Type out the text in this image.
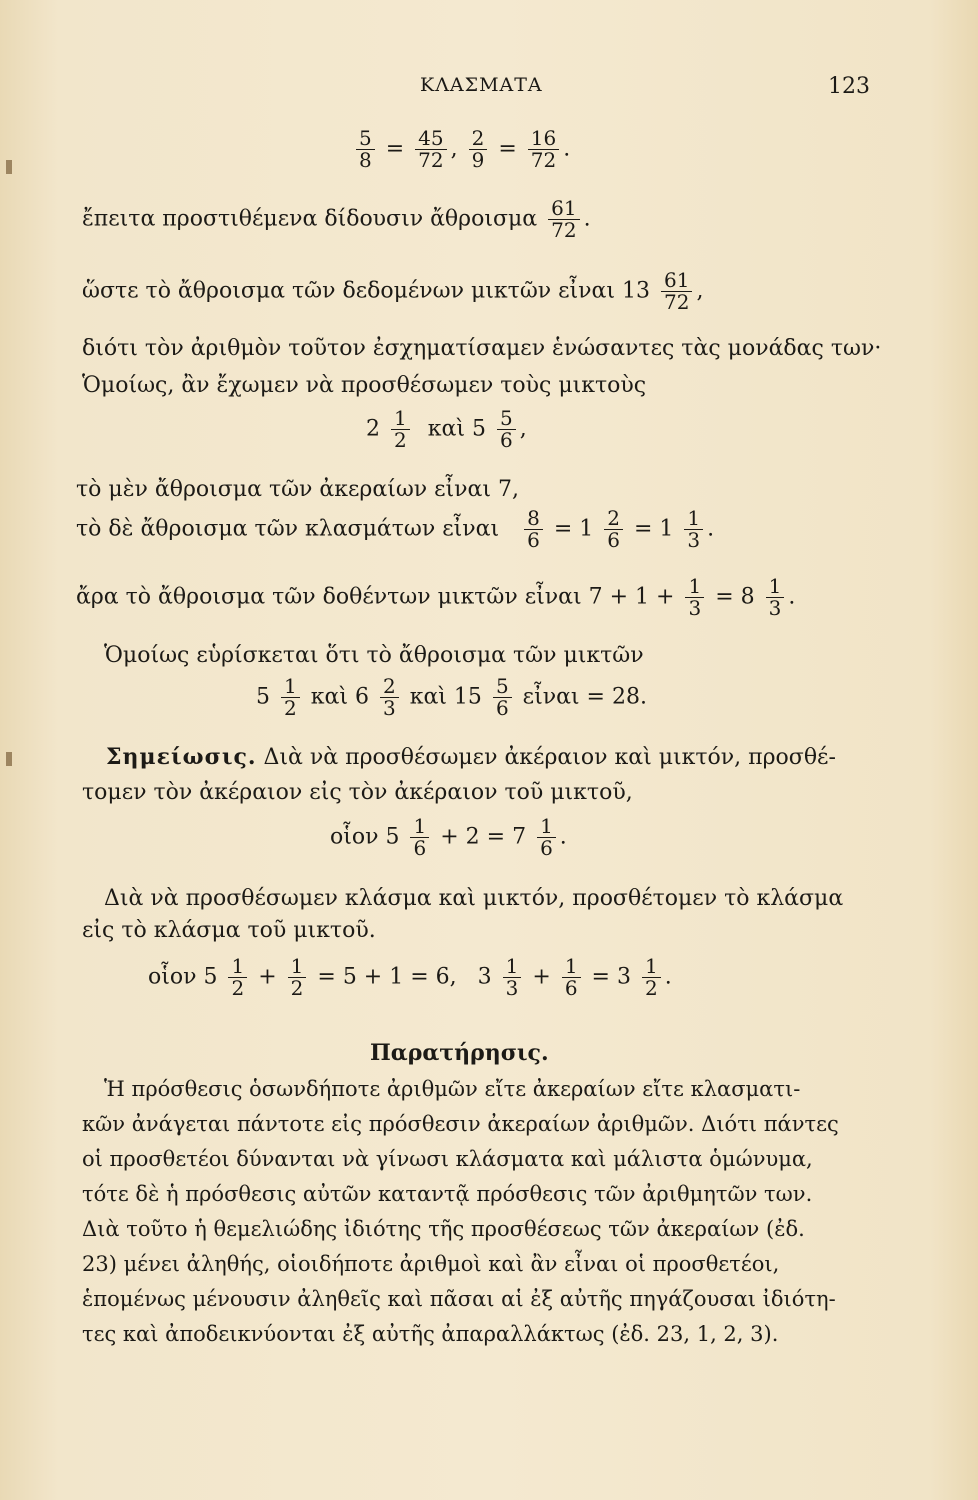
ΚΛΑΣΜΑΤΑ	123
$\frac{5}{8} = \frac{45}{72}$ , $\frac{2}{9} = \frac{16}{72}$ .
ἔπειτα προστιθέμενα δίδουσιν ἄθροισμα $\frac{61}{72}$ .
ὥστε τὸ ἄθροισμα τῶν δεδομένων μικτῶν εἶναι $13 \frac{61}{72}$ ,
διότι τὸν ἀριθμὸν τοῦτον ἐσχηματίσαμεν ἑνώσαντες τὰς μονάδας των·
Ὁμοίως, ἂν ἔχωμεν νὰ προσθέσωμεν τοὺς μικτοὺς
$2 \frac{1}{2}$ καὶ $5 \frac{5}{6}$ ,
τὸ μὲν ἄθροισμα τῶν ἀκεραίων εἶναι 7,
τὸ δὲ ἄθροισμα τῶν κλασμάτων εἶναι $\frac{8}{6} = 1 \frac{2}{6} = 1 \frac{1}{3}$ .
ἄρα τὸ ἄθροισμα τῶν δοθέντων μικτῶν εἶναι $7 + 1 + \frac{1}{3} = 8 \frac{1}{3}$ .
Ὁμοίως εὑρίσκεται ὅτι τὸ ἄθροισμα τῶν μικτῶν
$5 \frac{1}{2}$ καὶ $6 \frac{2}{3}$ καὶ $15 \frac{5}{6}$ εἶναι = 28.
Σημείωσις. Διὰ νὰ προσθέσωμεν ἀκέραιον καὶ μικτόν, προσθέ-
τομεν τὸν ἀκέραιον εἰς τὸν ἀκέραιον τοῦ μικτοῦ,
οἷον $5 \frac{1}{6} + 2 = 7 \frac{1}{6}$ .
Διὰ νὰ προσθέσωμεν κλάσμα καὶ μικτόν, προσθέτομεν τὸ κλάσμα
εἰς τὸ κλάσμα τοῦ μικτοῦ.
οἷον $5 \frac{1}{2} + \frac{1}{2} = 5 + 1 = 6$, $3 \frac{1}{3} + \frac{1}{6} = 3 \frac{1}{2}$ .
Παρατήρησις.

Ἡ πρόσθεσις ὁσωνδήποτε ἀριθμῶν εἴτε ἀκεραίων εἴτε κλασματι-

κῶν ἀνάγεται πάντοτε εἰς πρόσθεσιν ἀκεραίων ἀριθμῶν. Διότι πάντες
οἱ προσθετέοι δύνανται νὰ γίνωσι κλάσματα καὶ μάλιστα ὁμώνυμα,
τότε δὲ ἡ πρόσθεσις αὐτῶν καταντᾷ πρόσθεσις τῶν ἀριθμητῶν των.
Διὰ τοῦτο ἡ θεμελιώδης ἰδιότης τῆς προσθέσεως τῶν ἀκεραίων (ἐδ.
23) μένει ἀληθής, οἱοιδήποτε ἀριθμοὶ καὶ ἂν εἶναι οἱ προσθετέοι,
ἑπομένως μένουσιν ἀληθεῖς καὶ πᾶσαι αἱ ἐξ αὐτῆς πηγάζουσαι ἰδιότη-
τες καὶ ἀποδεικνύονται ἐξ αὐτῆς ἀπαραλλάκτως (ἐδ. 23, 1, 2, 3).
